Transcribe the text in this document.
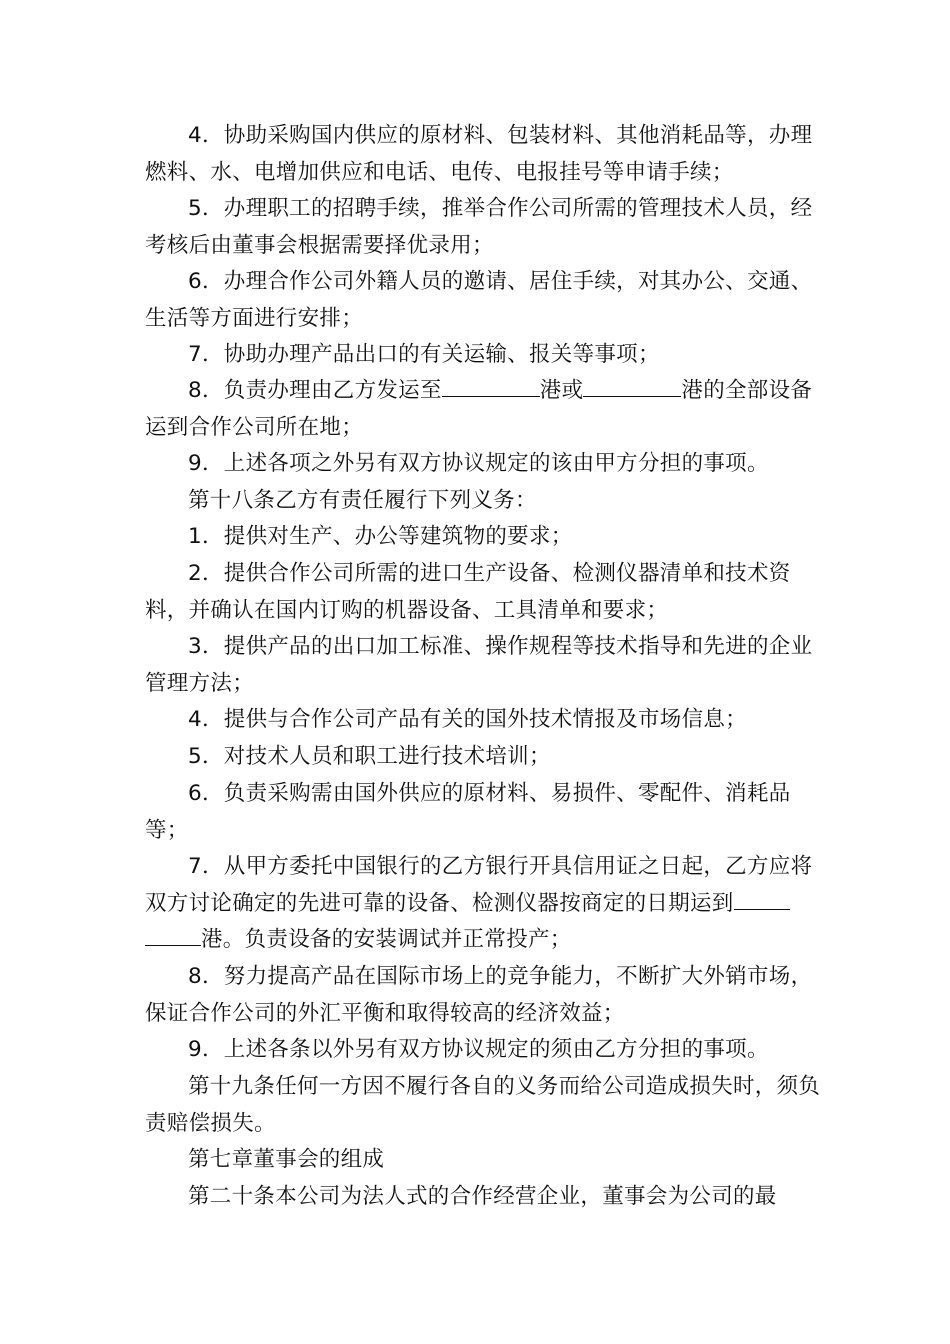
4．协助采购国内供应的原材料、包装材料、其他消耗品等，办理燃料、水、电增加供应和电话、电传、电报挂号等申请手续；

5．办理职工的招聘手续，推举合作公司所需的管理技术人员，经考核后由董事会根据需要择优录用；

6．办理合作公司外籍人员的邀请、居住手续，对其办公、交通、生活等方面进行安排；

7．协助办理产品出口的有关运输、报关等事项；

8．负责办理由乙方发运至	港或	港的全部设备运到合作公司所在地；

9．上述各项之外另有双方协议规定的该由甲方分担的事项。

第十八条乙方有责任履行下列义务：

1．提供对生产、办公等建筑物的要求；

2．提供合作公司所需的进口生产设备、检测仪器清单和技术资料，并确认在国内订购的机器设备、工具清单和要求；

3．提供产品的出口加工标准、操作规程等技术指导和先进的企业管理方法；

4．提供与合作公司产品有关的国外技术情报及市场信息；

5．对技术人员和职工进行技术培训；

6．负责采购需由国外供应的原材料、易损件、零配件、消耗品等；

7．从甲方委托中国银行的乙方银行开具信用证之日起，乙方应将双方讨论确定的先进可靠的设备、检测仪器按商定的日期运到港。负责设备的安装调试并正常投产；

8．努力提高产品在国际市场上的竞争能力，不断扩大外销市场，保证合作公司的外汇平衡和取得较高的经济效益；

9．上述各条以外另有双方协议规定的须由乙方分担的事项。

第十九条任何一方因不履行各自的义务而给公司造成损失时，须负责赔偿损失。

第七章董事会的组成

第二十条本公司为法人式的合作经营企业，董事会为公司的最
